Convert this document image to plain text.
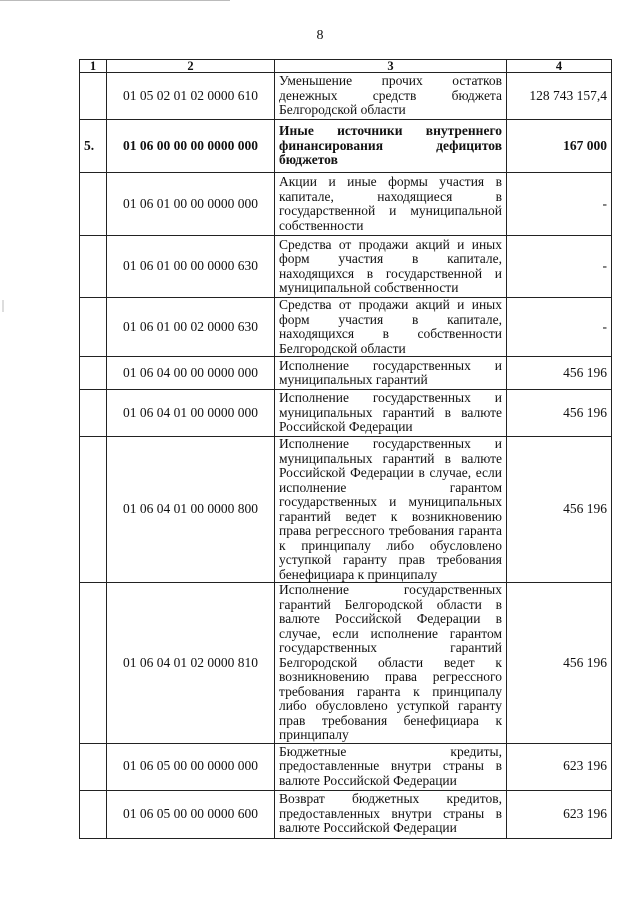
8
1	2	3	4
	01 05 02 01 02 0000 610	Уменьшение прочих остатков денежных средств бюджета Белгородской области	128 743 157,4
5.	01 06 00 00 00 0000 000	Иные источники внутреннего финансирования дефицитов бюджетов	167 000
	01 06 01 00 00 0000 000	Акции и иные формы участия в капитале, находящиеся в государственной и муниципальной собственности	-
	01 06 01 00 00 0000 630	Средства от продажи акций и иных форм участия в капитале, находящихся в государственной и муниципальной собственности	-
	01 06 01 00 02 0000 630	Средства от продажи акций и иных форм участия в капитале, находящихся в собственности Белгородской области	-
	01 06 04 00 00 0000 000	Исполнение государственных и муниципальных гарантий	456 196
	01 06 04 01 00 0000 000	Исполнение государственных и муниципальных гарантий в валюте Российской Федерации	456 196
	01 06 04 01 00 0000 800	Исполнение государственных и муниципальных гарантий в валюте Российской Федерации в случае, если исполнение гарантом государственных и муниципальных гарантий ведет к возникновению права регрессного требования гаранта к принципалу либо обусловлено уступкой гаранту прав требования бенефициара к принципалу	456 196
	01 06 04 01 02 0000 810	Исполнение государственных гарантий Белгородской области в валюте Российской Федерации в случае, если исполнение гарантом государственных гарантий Белгородской области ведет к возникновению права регрессного требования гаранта к принципалу либо обусловлено уступкой гаранту прав требования бенефициара к принципалу	456 196
	01 06 05 00 00 0000 000	Бюджетные кредиты, предоставленные внутри страны в валюте Российской Федерации	623 196
	01 06 05 00 00 0000 600	Возврат бюджетных кредитов, предоставленных внутри страны в валюте Российской Федерации	623 196
